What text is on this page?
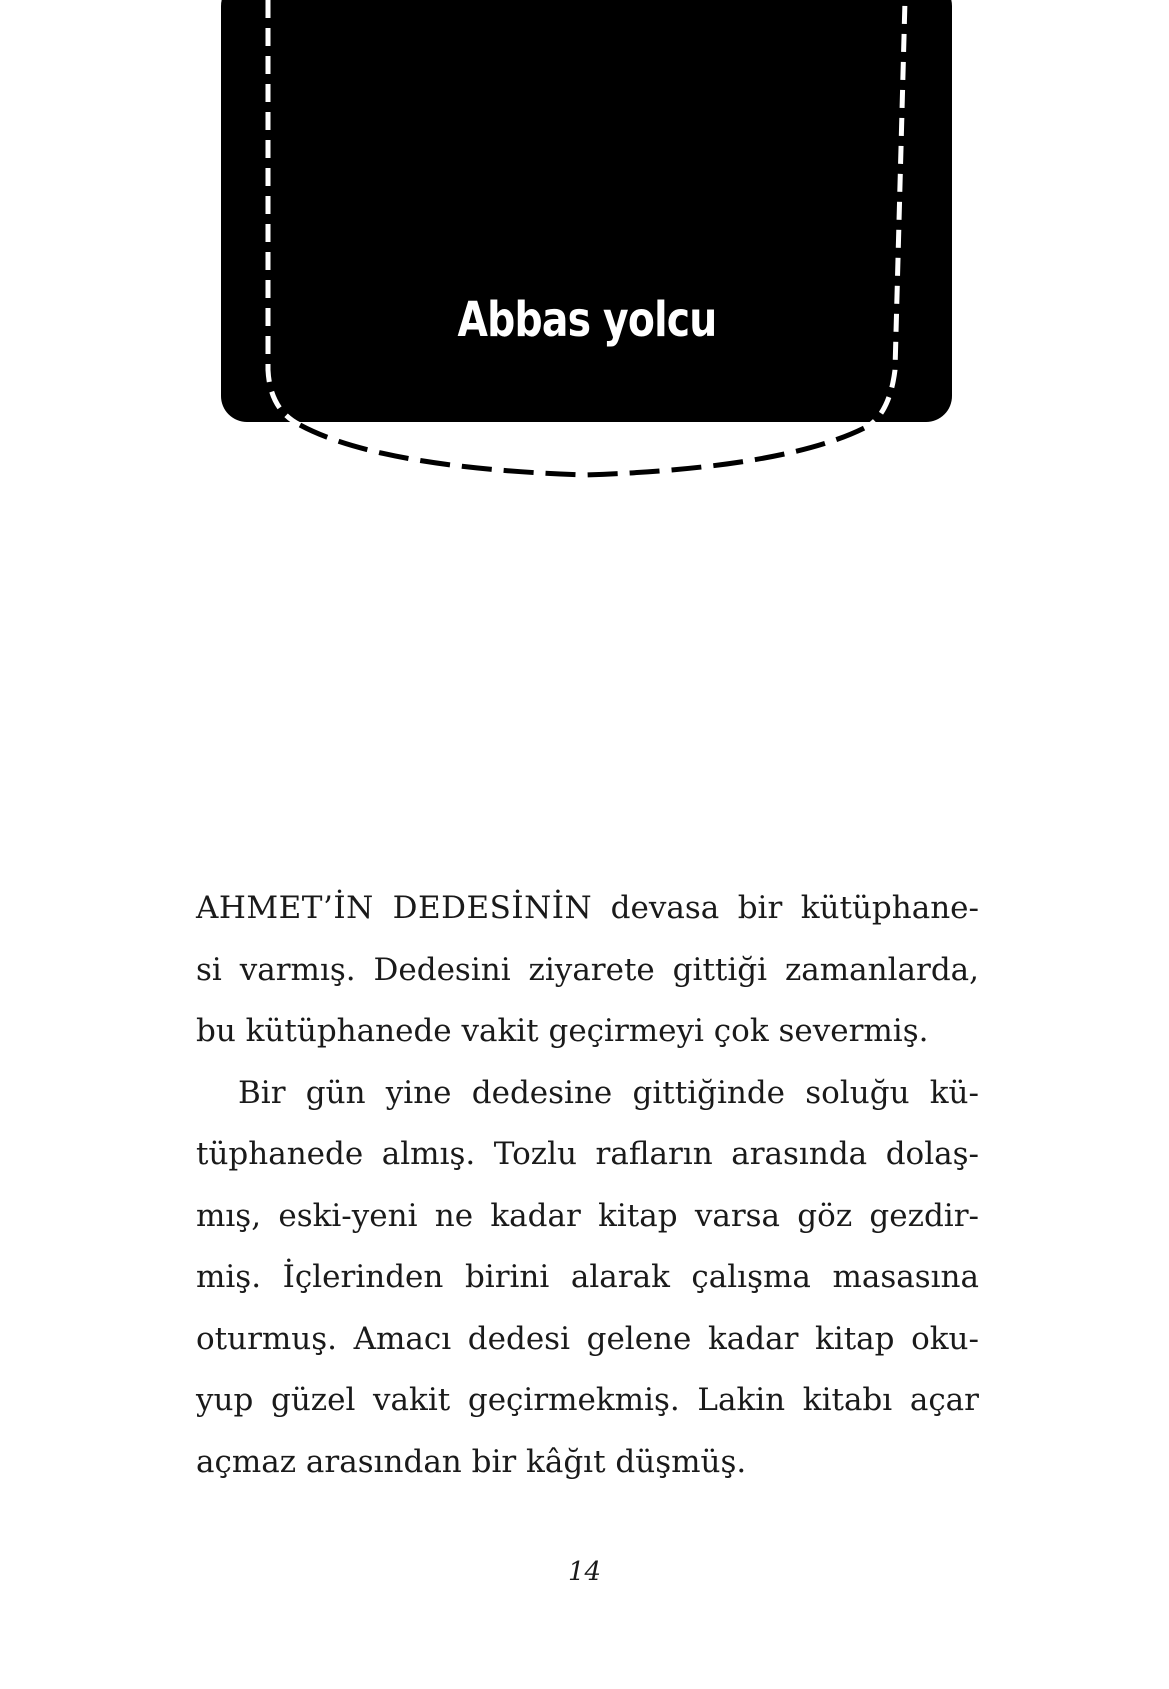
Abbas yolcu

AHMET’İN DEDESİNİN devasa bir kütüphane-
si varmış. Dedesini ziyarete gittiği zamanlarda,
bu kütüphanede vakit geçirmeyi çok severmiş.

Bir gün yine dedesine gittiğinde soluğu kü-
tüphanede almış. Tozlu rafların arasında dolaş-
mış, eski-yeni ne kadar kitap varsa göz gezdir-
miş. İçlerinden birini alarak çalışma masasına
oturmuş. Amacı dedesi gelene kadar kitap oku-
yup güzel vakit geçirmekmiş. Lakin kitabı açar
açmaz arasından bir kâğıt düşmüş.

14
